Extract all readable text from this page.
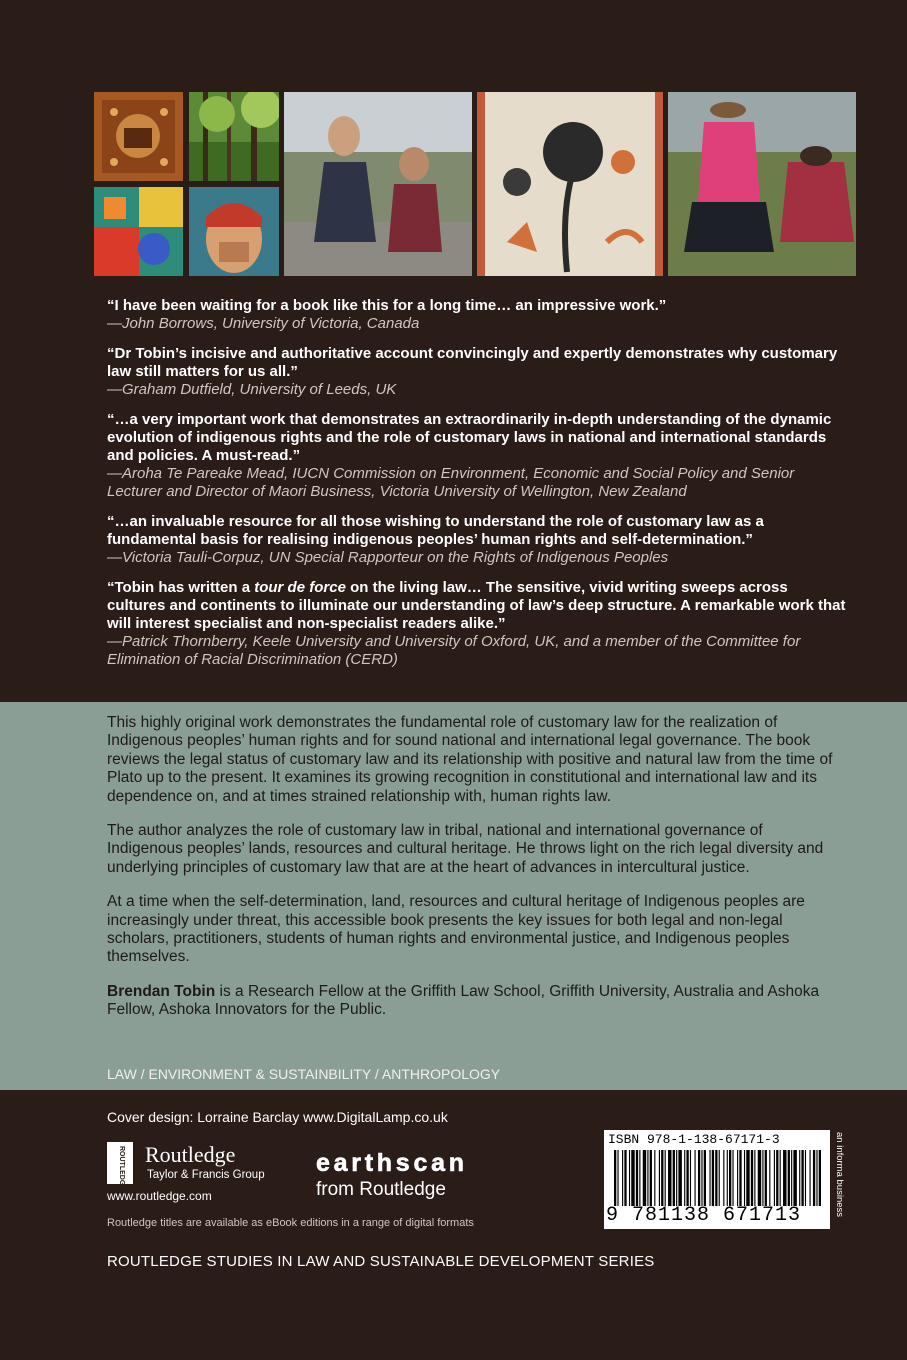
“I have been waiting for a book like this for a long time… an impressive work.”
—John Borrows, University of Victoria, Canada
“Dr Tobin’s incisive and authoritative account convincingly and expertly demonstrates why customary law still matters for us all.”
—Graham Dutfield, University of Leeds, UK
“…a very important work that demonstrates an extraordinarily in-depth understanding of the dynamic evolution of indigenous rights and the role of customary laws in national and international standards and policies. A must-read.”
—Aroha Te Pareake Mead, IUCN Commission on Environment, Economic and Social Policy and Senior Lecturer and Director of Maori Business, Victoria University of Wellington, New Zealand
“…an invaluable resource for all those wishing to understand the role of customary law as a fundamental basis for realising indigenous peoples’ human rights and self-determination.”
—Victoria Tauli-Corpuz, UN Special Rapporteur on the Rights of Indigenous Peoples
“Tobin has written a tour de force on the living law… The sensitive, vivid writing sweeps across cultures and continents to illuminate our understanding of law’s deep structure. A remarkable work that will interest specialist and non-specialist readers alike.”
—Patrick Thornberry, Keele University and University of Oxford, UK, and a member of the Committee for Elimination of Racial Discrimination (CERD)

This highly original work demonstrates the fundamental role of customary law for the realization of Indigenous peoples’ human rights and for sound national and international legal governance. The book reviews the legal status of customary law and its relationship with positive and natural law from the time of Plato up to the present. It examines its growing recognition in constitutional and international law and its dependence on, and at times strained relationship with, human rights law.

The author analyzes the role of customary law in tribal, national and international governance of Indigenous peoples’ lands, resources and cultural heritage. He throws light on the rich legal diversity and underlying principles of customary law that are at the heart of advances in intercultural justice.

At a time when the self-determination, land, resources and cultural heritage of Indigenous peoples are increasingly under threat, this accessible book presents the key issues for both legal and non-legal scholars, practitioners, students of human rights and environmental justice, and Indigenous peoples themselves.

Brendan Tobin is a Research Fellow at the Griffith Law School, Griffith University, Australia and Ashoka Fellow, Ashoka Innovators for the Public.

LAW / ENVIRONMENT & SUSTAINBILITY / ANTHROPOLOGY
Cover design: Lorraine Barclay www.DigitalLamp.co.uk
ROUTLEDGE Routledge
Taylor & Francis Group
www.routledge.com
earthscan
from Routledge
Routledge titles are available as eBook editions in a range of digital formats
ISBN 978-1-138-67171-3
9 781138 671713	an informa business
ROUTLEDGE STUDIES IN LAW AND SUSTAINABLE DEVELOPMENT SERIES
